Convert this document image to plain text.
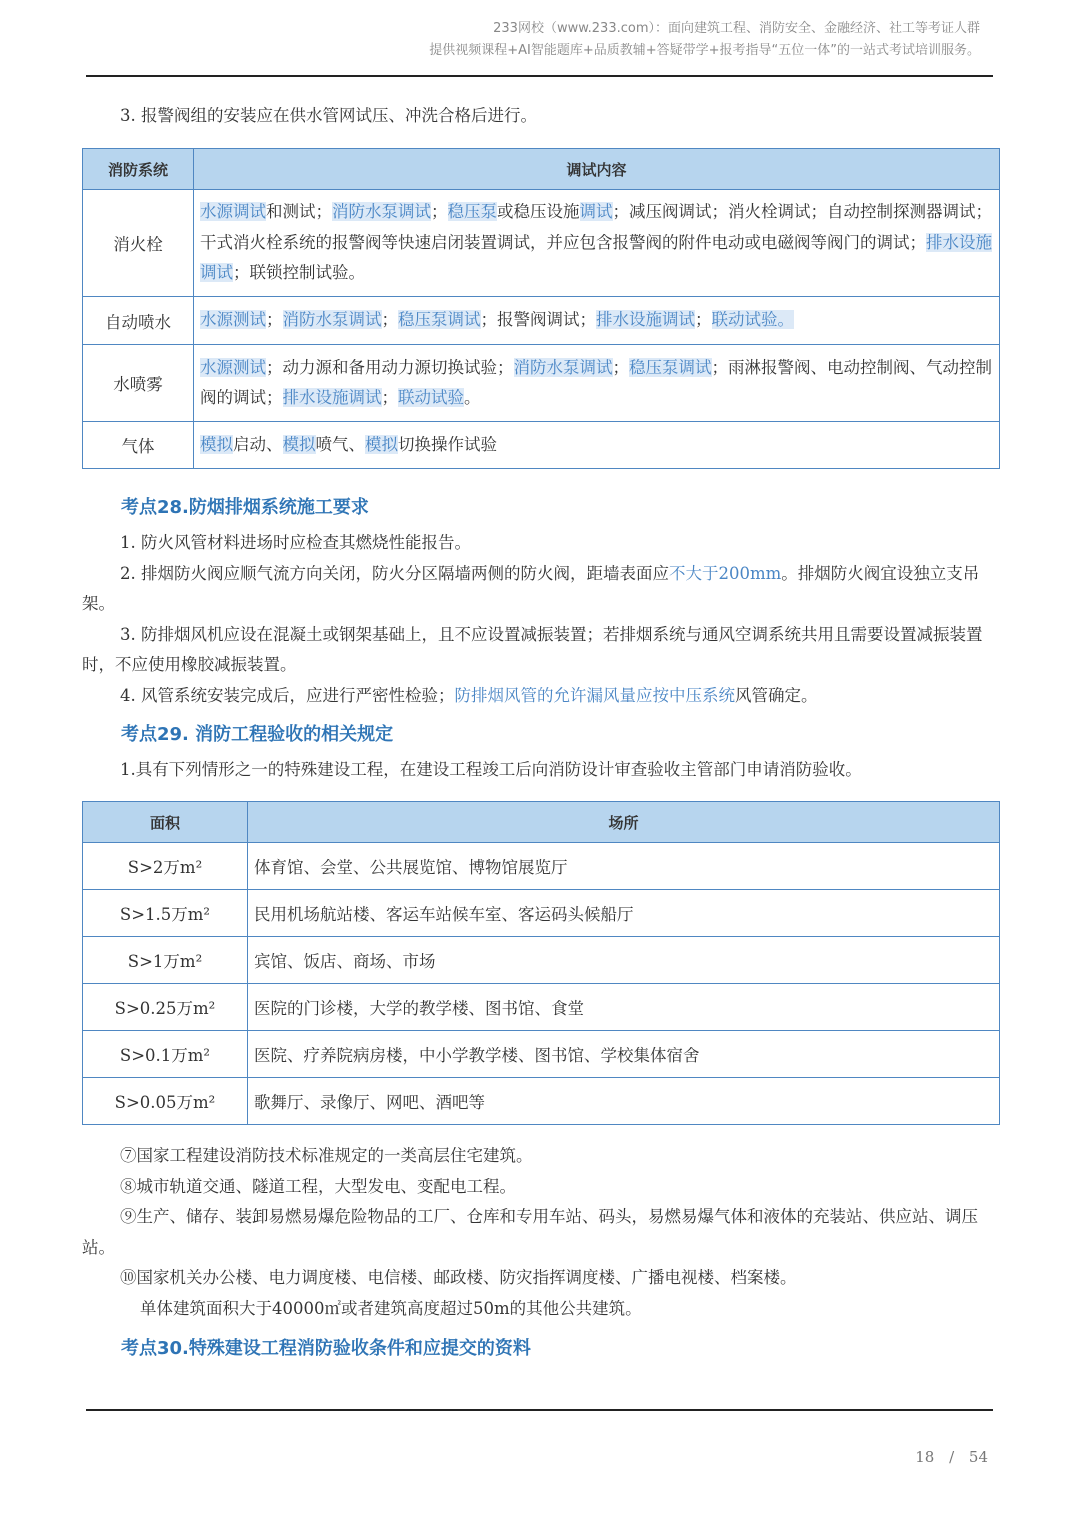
233网校（www.233.com）：面向建筑工程、消防安全、金融经济、社工等考证人群
提供视频课程+AI智能题库+品质教辅+答疑带学+报考指导“五位一体”的一站式考试培训服务。
3. 报警阀组的安装应在供水管网试压、冲洗合格后进行。
消防系统	调试内容
消火栓	水源调试和测试；消防水泵调试；稳压泵或稳压设施调试；减压阀调试；消火栓调试；自动控制探测器调试；干式消火栓系统的报警阀等快速启闭装置调试，并应包含报警阀的附件电动或电磁阀等阀门的调试；排水设施调试；联锁控制试验。
自动喷水	水源测试；消防水泵调试；稳压泵调试；报警阀调试；排水设施调试；联动试验。
水喷雾	水源测试；动力源和备用动力源切换试验；消防水泵调试；稳压泵调试；雨淋报警阀、电动控制阀、气动控制阀的调试；排水设施调试；联动试验。
气体	模拟启动、模拟喷气、模拟切换操作试验
考点28.防烟排烟系统施工要求
1. 防火风管材料进场时应检查其燃烧性能报告。
2. 排烟防火阀应顺气流方向关闭，防火分区隔墙两侧的防火阀，距墙表面应不大于200mm。排烟防火阀宜设独立支吊架。
3. 防排烟风机应设在混凝土或钢架基础上，且不应设置减振装置；若排烟系统与通风空调系统共用且需要设置减振装置时，不应使用橡胶减振装置。
4. 风管系统安装完成后，应进行严密性检验；防排烟风管的允许漏风量应按中压系统风管确定。
考点29. 消防工程验收的相关规定
1.具有下列情形之一的特殊建设工程，在建设工程竣工后向消防设计审查验收主管部门申请消防验收。
面积	场所
S>2万m²	体育馆、会堂、公共展览馆、博物馆展览厅
S>1.5万m²	民用机场航站楼、客运车站候车室、客运码头候船厅
S>1万m²	宾馆、饭店、商场、市场
S>0.25万m²	医院的门诊楼，大学的教学楼、图书馆、食堂
S>0.1万m²	医院、疗养院病房楼，中小学教学楼、图书馆、学校集体宿舍
S>0.05万m²	歌舞厅、录像厅、网吧、酒吧等
⑦国家工程建设消防技术标准规定的一类高层住宅建筑。
⑧城市轨道交通、隧道工程，大型发电、变配电工程。
⑨生产、储存、装卸易燃易爆危险物品的工厂、仓库和专用车站、码头，易燃易爆气体和液体的充装站、供应站、调压站。
⑩国家机关办公楼、电力调度楼、电信楼、邮政楼、防灾指挥调度楼、广播电视楼、档案楼。
单体建筑面积大于40000㎡或者建筑高度超过50m的其他公共建筑。
考点30.特殊建设工程消防验收条件和应提交的资料
18 / 54
